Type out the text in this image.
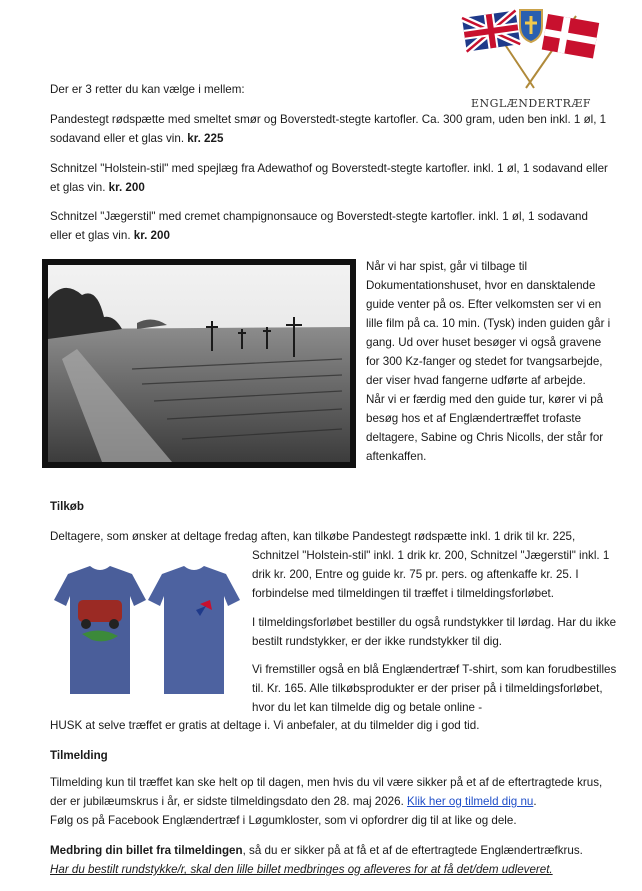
ENGLÆNDERTRÆF

Der er 3 retter du kan vælge i mellem:

Pandestegt rødspætte med smeltet smør og Boverstedt-stegte kartofler. Ca. 300 gram, uden ben inkl. 1 øl, 1 sodavand eller et glas vin. kr. 225

Schnitzel "Holstein-stil" med spejlæg fra Adewathof og Boverstedt-stegte kartofler. inkl. 1 øl, 1 sodavand eller et glas vin. kr. 200

Schnitzel "Jægerstil" med cremet champignonsauce og Boverstedt-stegte kartofler. inkl. 1 øl, 1 sodavand eller et glas vin. kr. 200

Når vi har spist, går vi tilbage til Dokumentationshuset, hvor en dansktalende guide venter på os. Efter velkomsten ser vi en lille film på ca. 10 min. (Tysk) inden guiden går i gang. Ud over huset besøger vi også gravene for 300 Kz-fanger og stedet for tvangsarbejde, der viser hvad fangerne udførte af arbejde.

Når vi er færdig med den guide tur, kører vi på besøg hos et af Englændertræffet trofaste deltagere, Sabine og Chris Nicolls, der står for aftenkaffen.

Tilkøb

Deltagere, som ønsker at deltage fredag aften, kan tilkøbe Pandestegt rødspætte inkl. 1 drik til kr. 225,

Schnitzel "Holstein-stil" inkl. 1 drik kr. 200, Schnitzel "Jægerstil" inkl. 1 drik kr. 200, Entre og guide kr. 75 pr. pers. og aftenkaffe kr. 25. I forbindelse med tilmeldingen til træffet i tilmeldingsforløbet.

I tilmeldingsforløbet bestiller du også rundstykker til lørdag. Har du ikke bestilt rundstykker, er der ikke rundstykker til dig.

Vi fremstiller også en blå Englændertræf T-shirt, som kan forudbestilles til. Kr. 165. Alle tilkøbsprodukter er der priser på i tilmeldingsforløbet, hvor du let kan tilmelde dig og betale online -

HUSK at selve træffet er gratis at deltage i. Vi anbefaler, at du tilmelder dig i god tid.

Tilmelding

Tilmelding kun til træffet kan ske helt op til dagen, men hvis du vil være sikker på et af de eftertragtede krus, der er jubilæumskrus i år, er sidste tilmeldingsdato den 28. maj 2026. Klik her og tilmeld dig nu.

Følg os på Facebook Englændertræf i Løgumkloster, som vi opfordrer dig til at like og dele.

Medbring din billet fra tilmeldingen, så du er sikker på at få et af de eftertragtede Englændertræfkrus.

Har du bestilt rundstykke/r, skal den lille billet medbringes og afleveres for at få det/dem udleveret.
